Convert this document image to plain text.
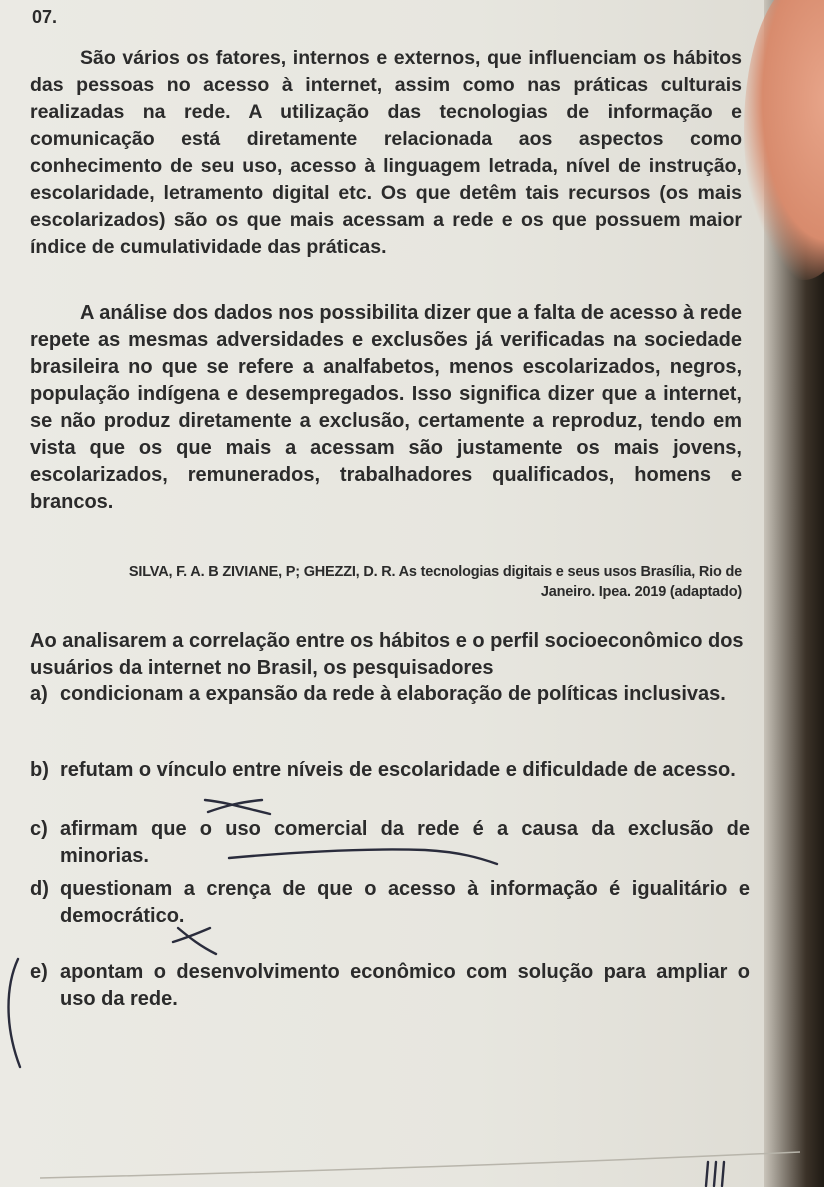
07.

São vários os fatores, internos e externos, que influenciam os hábitos das pessoas no acesso à internet, assim como nas práticas culturais realizadas na rede. A utilização das tecnologias de informação e comunicação está diretamente relacionada aos aspectos como conhecimento de seu uso, acesso à linguagem letrada, nível de instrução, escolaridade, letramento digital etc. Os que detêm tais recursos (os mais escolarizados) são os que mais acessam a rede e os que possuem maior índice de cumulatividade das práticas.

A análise dos dados nos possibilita dizer que a falta de acesso à rede repete as mesmas adversidades e exclusões já verificadas na sociedade brasileira no que se refere a analfabetos, menos escolarizados, negros, população indígena e desempregados. Isso significa dizer que a internet, se não produz diretamente a exclusão, certamente a reproduz, tendo em vista que os que mais a acessam são justamente os mais jovens, escolarizados, remunerados, trabalhadores qualificados, homens e brancos.

SILVA, F. A. B ZIVIANE, P; GHEZZI, D. R. As tecnologias digitais e seus usos Brasília, Rio de
Janeiro. Ipea. 2019 (adaptado)

Ao analisarem a correlação entre os hábitos e o perfil socioeconômico dos usuários da internet no Brasil, os pesquisadores

a) condicionam a expansão da rede à elaboração de políticas inclusivas.
b) refutam o vínculo entre níveis de escolaridade e dificuldade de acesso.
c) afirmam que o uso comercial da rede é a causa da exclusão de minorias.
d) questionam a crença de que o acesso à informação é igualitário e democrático.
e) apontam o desenvolvimento econômico com solução para ampliar o uso da rede.
